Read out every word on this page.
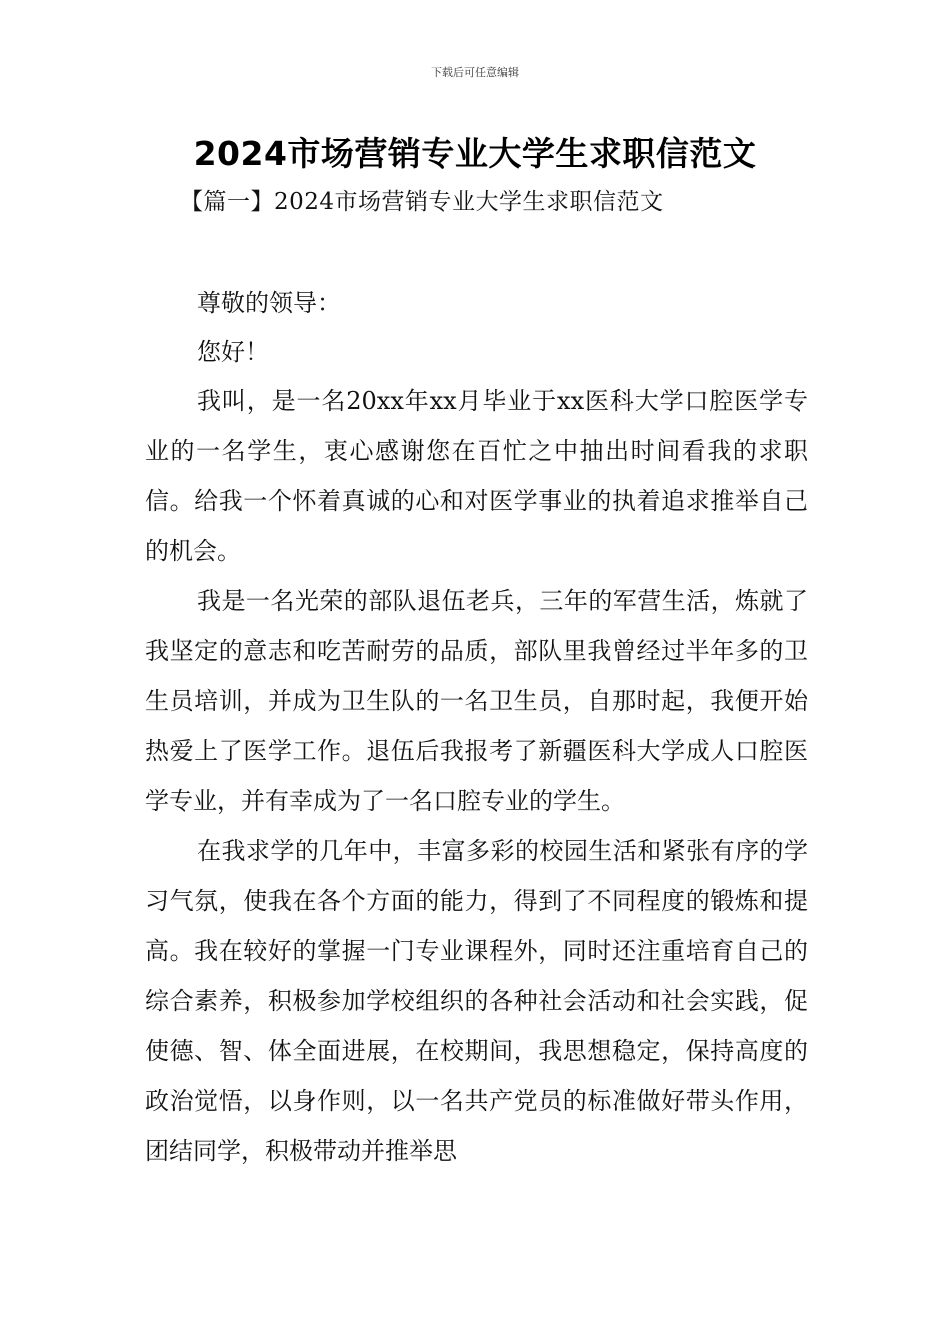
下载后可任意编辑
2024市场营销专业大学生求职信范文
【篇一】2024市场营销专业大学生求职信范文

尊敬的领导：

您好！

我叫，是一名20xx年xx月毕业于xx医科大学口腔医学专业的一名学生，衷心感谢您在百忙之中抽出时间看我的求职信。给我一个怀着真诚的心和对医学事业的执着追求推举自己的机会。

我是一名光荣的部队退伍老兵，三年的军营生活，炼就了我坚定的意志和吃苦耐劳的品质，部队里我曾经过半年多的卫生员培训，并成为卫生队的一名卫生员，自那时起，我便开始热爱上了医学工作。退伍后我报考了新疆医科大学成人口腔医学专业，并有幸成为了一名口腔专业的学生。

在我求学的几年中，丰富多彩的校园生活和紧张有序的学习气氛，使我在各个方面的能力，得到了不同程度的锻炼和提高。我在较好的掌握一门专业课程外，同时还注重培育自己的综合素养，积极参加学校组织的各种社会活动和社会实践，促使德、智、体全面进展，在校期间，我思想稳定，保持高度的政治觉悟，以身作则，以一名共产党员的标准做好带头作用，团结同学，积极带动并推举思
